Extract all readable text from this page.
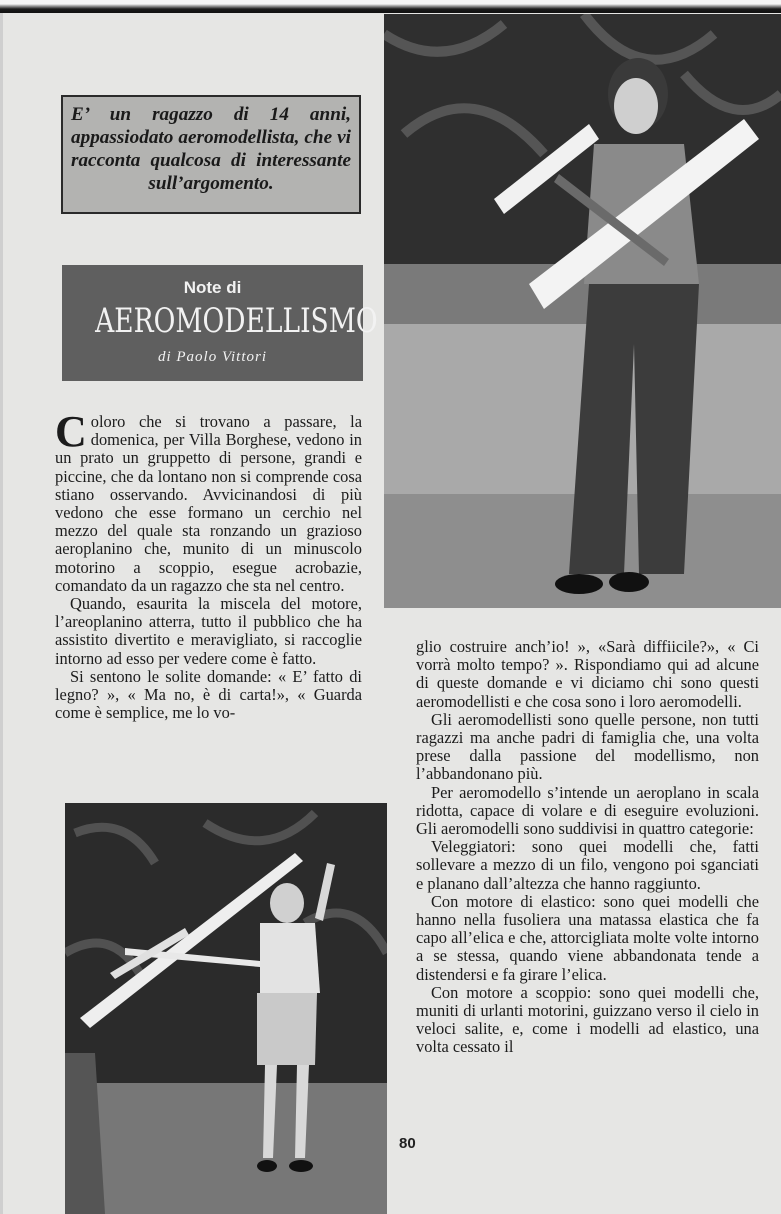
E’ un ragazzo di 14 anni, appassiodato aeromodellista, che vi racconta qualcosa di interessante sull’argomento.

Note di
AEROMODELLISMO
di Paolo Vittori

Coloro che si trovano a passare, la domenica, per Villa Borghese, vedono in un prato un gruppetto di persone, grandi e piccine, che da lontano non si comprende cosa stiano osservando. Avvicinandosi di più vedono che esse formano un cerchio nel mezzo del quale sta ronzando un grazioso aeroplanino che, munito di un minuscolo motorino a scoppio, esegue acrobazie, comandato da un ragazzo che sta nel centro.

Quando, esaurita la miscela del motore, l’areoplanino atterra, tutto il pubblico che ha assistito divertito e meravigliato, si raccoglie intorno ad esso per vedere come è fatto.

Si sentono le solite domande: « E’ fatto di legno? », « Ma no, è di carta!», « Guarda come è semplice, me lo vo-

glio costruire anch’io! », «Sarà diffiicile?», « Ci vorrà molto tempo? ». Rispondiamo qui ad alcune di queste domande e vi diciamo chi sono questi aeromodellisti e che cosa sono i loro aeromodelli.

Gli aeromodellisti sono quelle persone, non tutti ragazzi ma anche padri di famiglia che, una volta prese dalla passione del modellismo, non l’abbandonano più.

Per aeromodello s’intende un aeroplano in scala ridotta, capace di volare e di eseguire evoluzioni. Gli aeromodelli sono suddivisi in quattro categorie:

Veleggiatori: sono quei modelli che, fatti sollevare a mezzo di un filo, vengono poi sganciati e planano dall’altezza che hanno raggiunto.

Con motore di elastico: sono quei modelli che hanno nella fusoliera una matassa elastica che fa capo all’elica e che, attorcigliata molte volte intorno a se stessa, quando viene abbandonata tende a distendersi e fa girare l’elica.

Con motore a scoppio: sono quei modelli che, muniti di urlanti motorini, guizzano verso il cielo in veloci salite, e, come i modelli ad elastico, una volta cessato il

80
